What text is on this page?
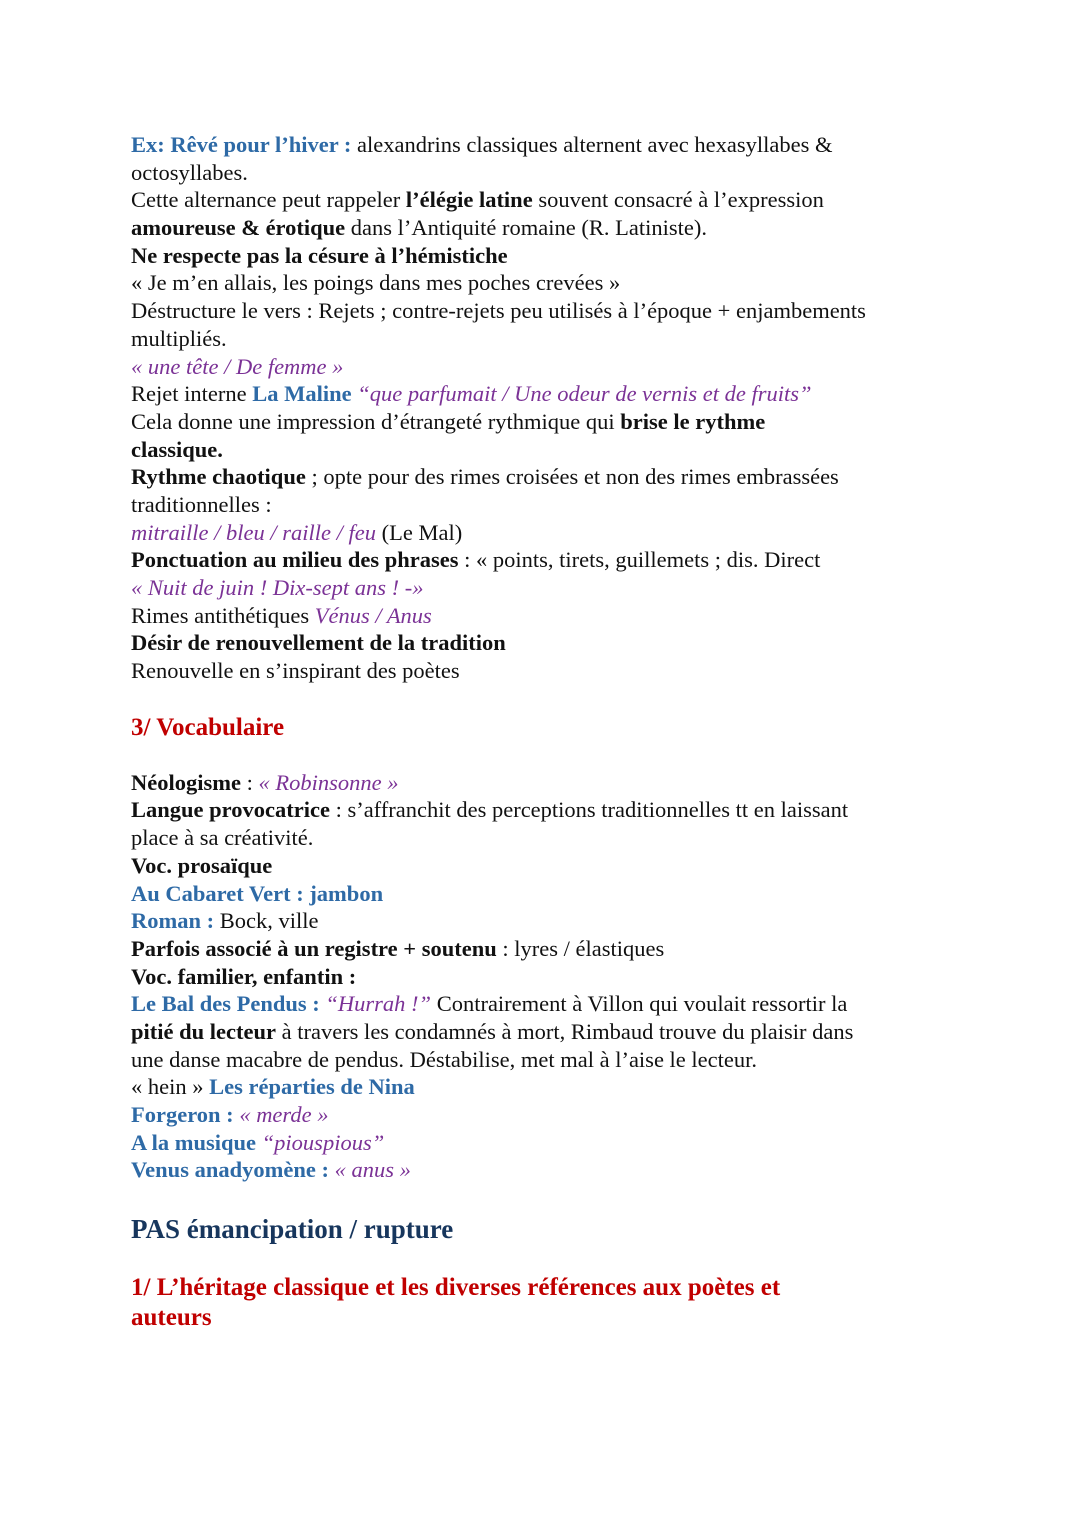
Ex: Rêvé pour l’hiver : alexandrins classiques alternent avec hexasyllabes &
octosyllabes.
Cette alternance peut rappeler l’élégie latine souvent consacré à l’expression
amoureuse & érotique dans l’Antiquité romaine (R. Latiniste).
Ne respecte pas la césure à l’hémistiche
« Je m’en allais, les poings dans mes poches crevées »
Déstructure le vers : Rejets ; contre-rejets peu utilisés à l’époque + enjambements
multipliés.
« une tête / De femme »
Rejet interne La Maline “que parfumait / Une odeur de vernis et de fruits”
Cela donne une impression d’étrangeté rythmique qui brise le rythme
classique.
Rythme chaotique ; opte pour des rimes croisées et non des rimes embrassées
traditionnelles :
mitraille / bleu / raille / feu (Le Mal)
Ponctuation au milieu des phrases : « points, tirets, guillemets ; dis. Direct
« Nuit de juin ! Dix-sept ans ! -»
Rimes antithétiques Vénus / Anus
Désir de renouvellement de la tradition
Renouvelle en s’inspirant des poètes
3/ Vocabulaire
Néologisme : « Robinsonne »
Langue provocatrice : s’affranchit des perceptions traditionnelles tt en laissant
place à sa créativité.
Voc. prosaïque
Au Cabaret Vert : jambon
Roman : Bock, ville
Parfois associé à un registre + soutenu : lyres / élastiques
Voc. familier, enfantin :
Le Bal des Pendus : “Hurrah !” Contrairement à Villon qui voulait ressortir la
pitié du lecteur à travers les condamnés à mort, Rimbaud trouve du plaisir dans
une danse macabre de pendus. Déstabilise, met mal à l’aise le lecteur.
« hein » Les réparties de Nina
Forgeron : « merde »
A la musique “piouspious”
Venus anadyomène : « anus »
PAS émancipation / rupture
1/ L’héritage classique et les diverses références aux poètes et
auteurs
